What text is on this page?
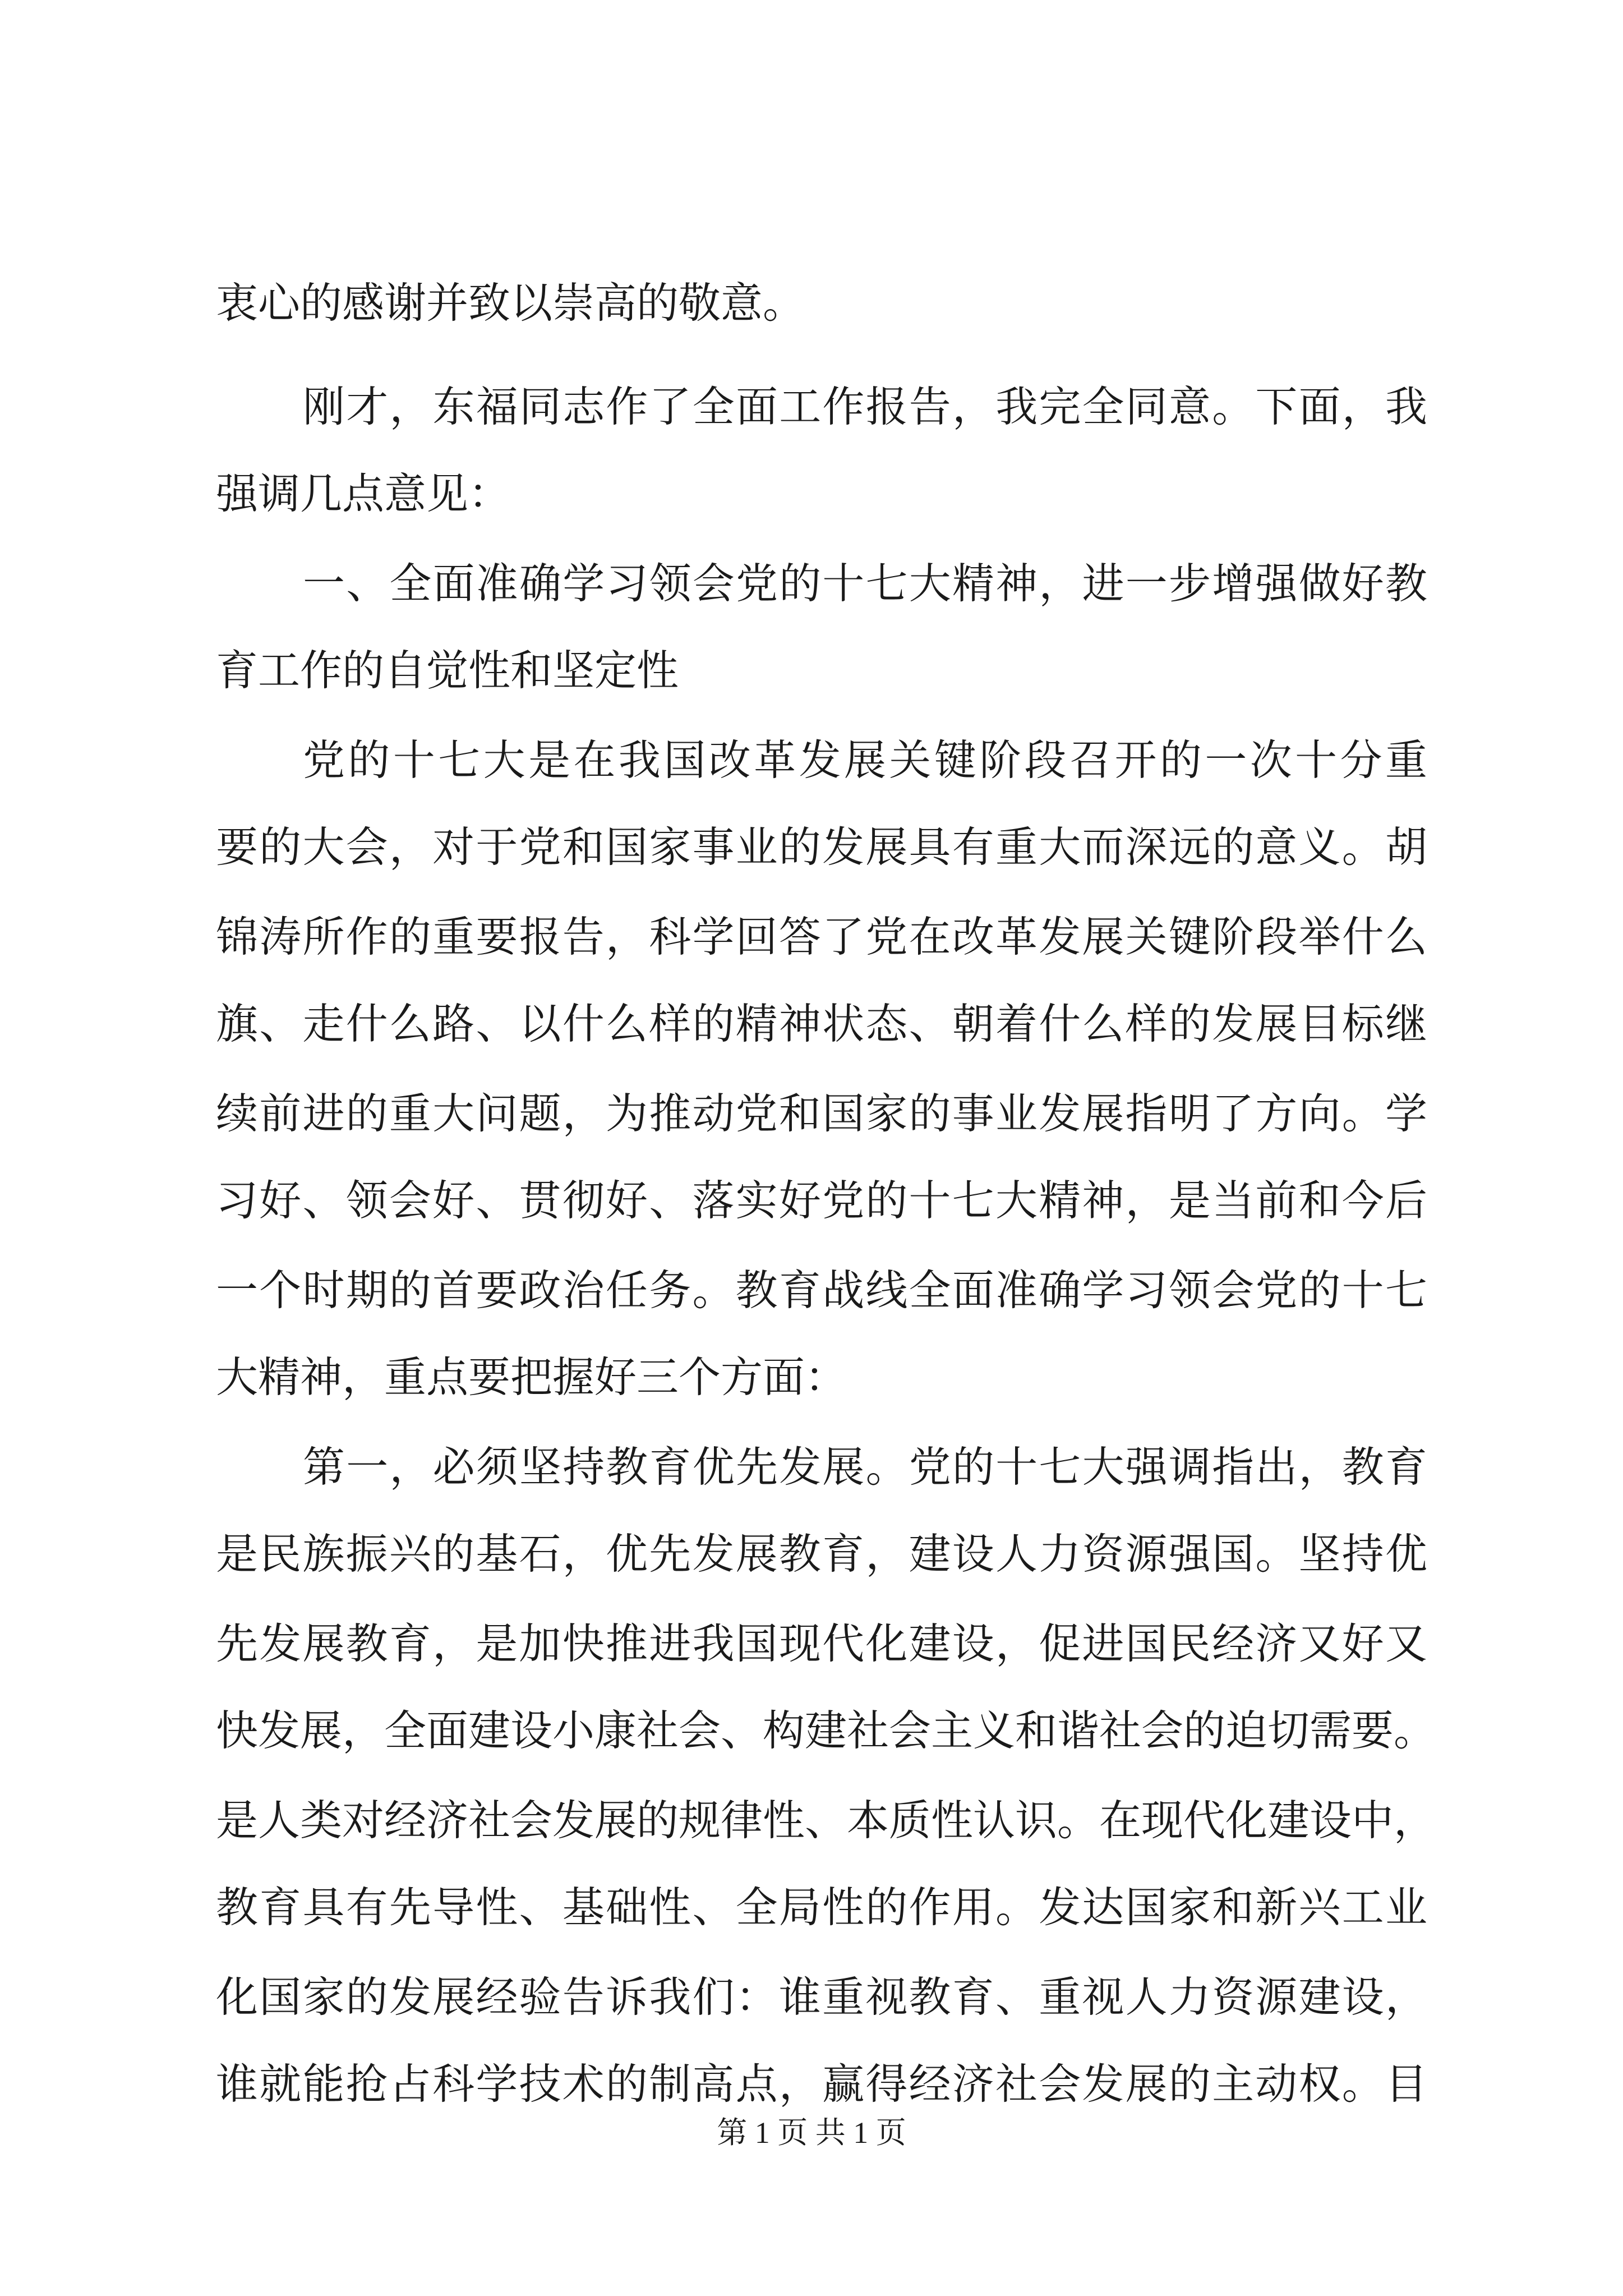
衷心的感谢并致以崇高的敬意。
刚才，东福同志作了全面工作报告，我完全同意。下面，我
强调几点意见：
一、全面准确学习领会党的十七大精神，进一步增强做好教
育工作的自觉性和坚定性
党的十七大是在我国改革发展关键阶段召开的一次十分重
要的大会，对于党和国家事业的发展具有重大而深远的意义。胡
锦涛所作的重要报告，科学回答了党在改革发展关键阶段举什么
旗、走什么路、以什么样的精神状态、朝着什么样的发展目标继
续前进的重大问题，为推动党和国家的事业发展指明了方向。学
习好、领会好、贯彻好、落实好党的十七大精神，是当前和今后
一个时期的首要政治任务。教育战线全面准确学习领会党的十七
大精神，重点要把握好三个方面：
第一，必须坚持教育优先发展。党的十七大强调指出，教育
是民族振兴的基石，优先发展教育，建设人力资源强国。坚持优
先发展教育，是加快推进我国现代化建设，促进国民经济又好又
快发展，全面建设小康社会、构建社会主义和谐社会的迫切需要。
是人类对经济社会发展的规律性、本质性认识。在现代化建设中，
教育具有先导性、基础性、全局性的作用。发达国家和新兴工业
化国家的发展经验告诉我们：谁重视教育、重视人力资源建设，
谁就能抢占科学技术的制高点，赢得经济社会发展的主动权。目
第 1 页 共 1 页
